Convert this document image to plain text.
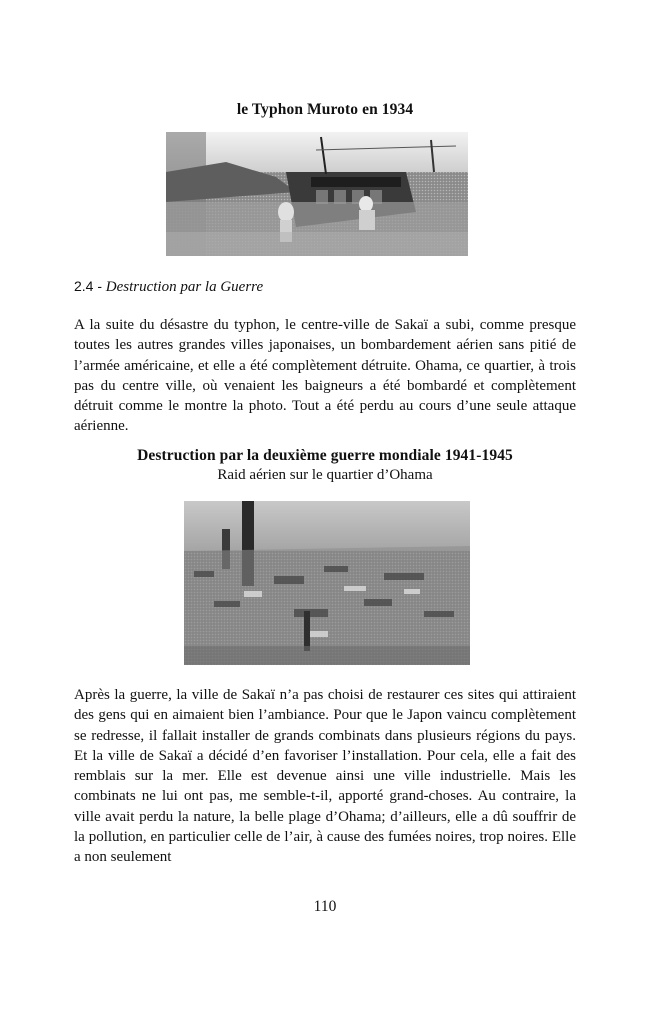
le Typhon Muroto en 1934
2.4 - Destruction par la Guerre

A la suite du désastre du typhon, le centre-ville de Sakaï a subi, comme presque toutes les autres grandes villes japonaises, un bombardement aérien sans pitié de l’armée américaine, et elle a été complètement détruite. Ohama, ce quartier, à trois pas du centre ville, où venaient les baigneurs a été bombardé et complètement détruit comme le montre la photo. Tout a été perdu au cours d’une seule attaque aérienne.

Destruction par la deuxième guerre mondiale 1941-1945
Raid aérien sur le quartier d’Ohama

Après la guerre, la ville de Sakaï n’a pas choisi de restaurer ces sites qui attiraient des gens qui en aimaient bien l’ambiance. Pour que le Japon vaincu complètement se redresse, il fallait installer de grands combinats dans plusieurs régions du pays. Et la ville de Sakaï a décidé d’en favoriser l’installation. Pour cela, elle a fait des remblais sur la mer. Elle est devenue ainsi une ville industrielle. Mais les combinats ne lui ont pas, me semble-t-il, apporté grand-choses. Au contraire, la ville avait perdu la nature, la belle plage d’Ohama; d’ailleurs, elle a dû souffrir de la pollution, en particulier celle de l’air, à cause des fumées noires, trop noires. Elle a non seulement

110
